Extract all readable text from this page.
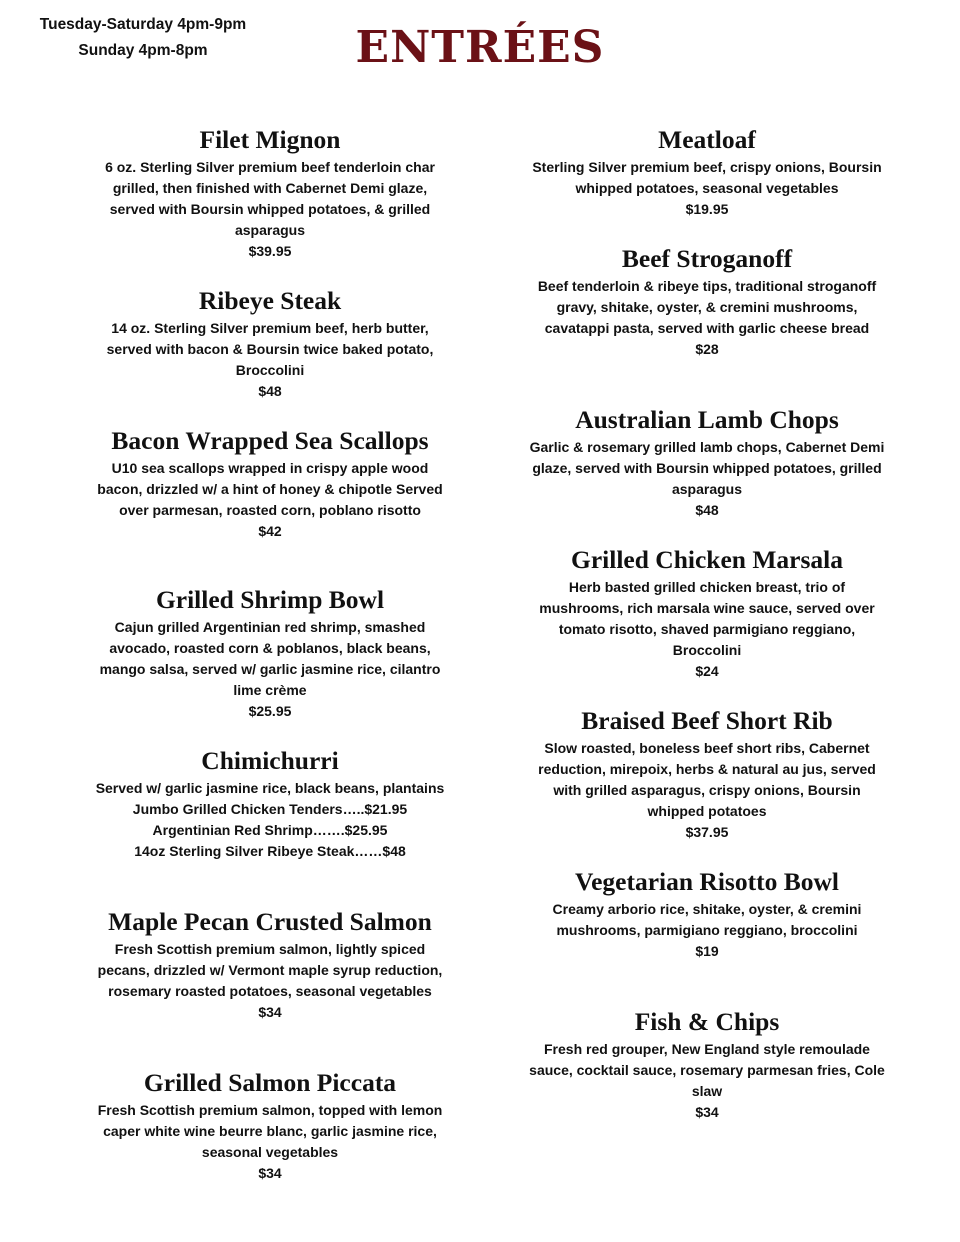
Tuesday-Saturday 4pm-9pm
Sunday 4pm-8pm	ENTRÉES
Filet Mignon
6 oz. Sterling Silver premium beef tenderloin char grilled, then finished with Cabernet Demi glaze, served with Boursin whipped potatoes, & grilled asparagus
$39.95
Ribeye Steak
14 oz. Sterling Silver premium beef, herb butter, served with bacon & Boursin twice baked potato, Broccolini
$48
Bacon Wrapped Sea Scallops
U10 sea scallops wrapped in crispy apple wood bacon, drizzled w/ a hint of honey & chipotle Served over parmesan, roasted corn, poblano risotto
$42
Grilled Shrimp Bowl
Cajun grilled Argentinian red shrimp, smashed avocado, roasted corn & poblanos, black beans, mango salsa, served w/ garlic jasmine rice, cilantro lime crème
$25.95
Chimichurri
Served w/ garlic jasmine rice, black beans, plantains
Jumbo Grilled Chicken Tenders…..$21.95
Argentinian Red Shrimp…….$25.95
14oz Sterling Silver Ribeye Steak……$48
Maple Pecan Crusted Salmon
Fresh Scottish premium salmon, lightly spiced pecans, drizzled w/ Vermont maple syrup reduction, rosemary roasted potatoes, seasonal vegetables
$34
Grilled Salmon Piccata
Fresh Scottish premium salmon, topped with lemon caper white wine beurre blanc, garlic jasmine rice, seasonal vegetables
$34
Meatloaf
Sterling Silver premium beef, crispy onions, Boursin whipped potatoes, seasonal vegetables
$19.95
Beef Stroganoff
Beef tenderloin & ribeye tips, traditional stroganoff gravy, shitake, oyster, & cremini mushrooms, cavatappi pasta, served with garlic cheese bread
$28
Australian Lamb Chops
Garlic & rosemary grilled lamb chops, Cabernet Demi glaze, served with Boursin whipped potatoes, grilled asparagus
$48
Grilled Chicken Marsala
Herb basted grilled chicken breast, trio of mushrooms, rich marsala wine sauce, served over tomato risotto, shaved parmigiano reggiano, Broccolini
$24
Braised Beef Short Rib
Slow roasted, boneless beef short ribs, Cabernet reduction, mirepoix, herbs & natural au jus, served with grilled asparagus, crispy onions, Boursin whipped potatoes
$37.95
Vegetarian Risotto Bowl
Creamy arborio rice, shitake, oyster, & cremini mushrooms, parmigiano reggiano, broccolini
$19
Fish & Chips
Fresh red grouper, New England style remoulade sauce, cocktail sauce, rosemary parmesan fries, Cole slaw
$34
